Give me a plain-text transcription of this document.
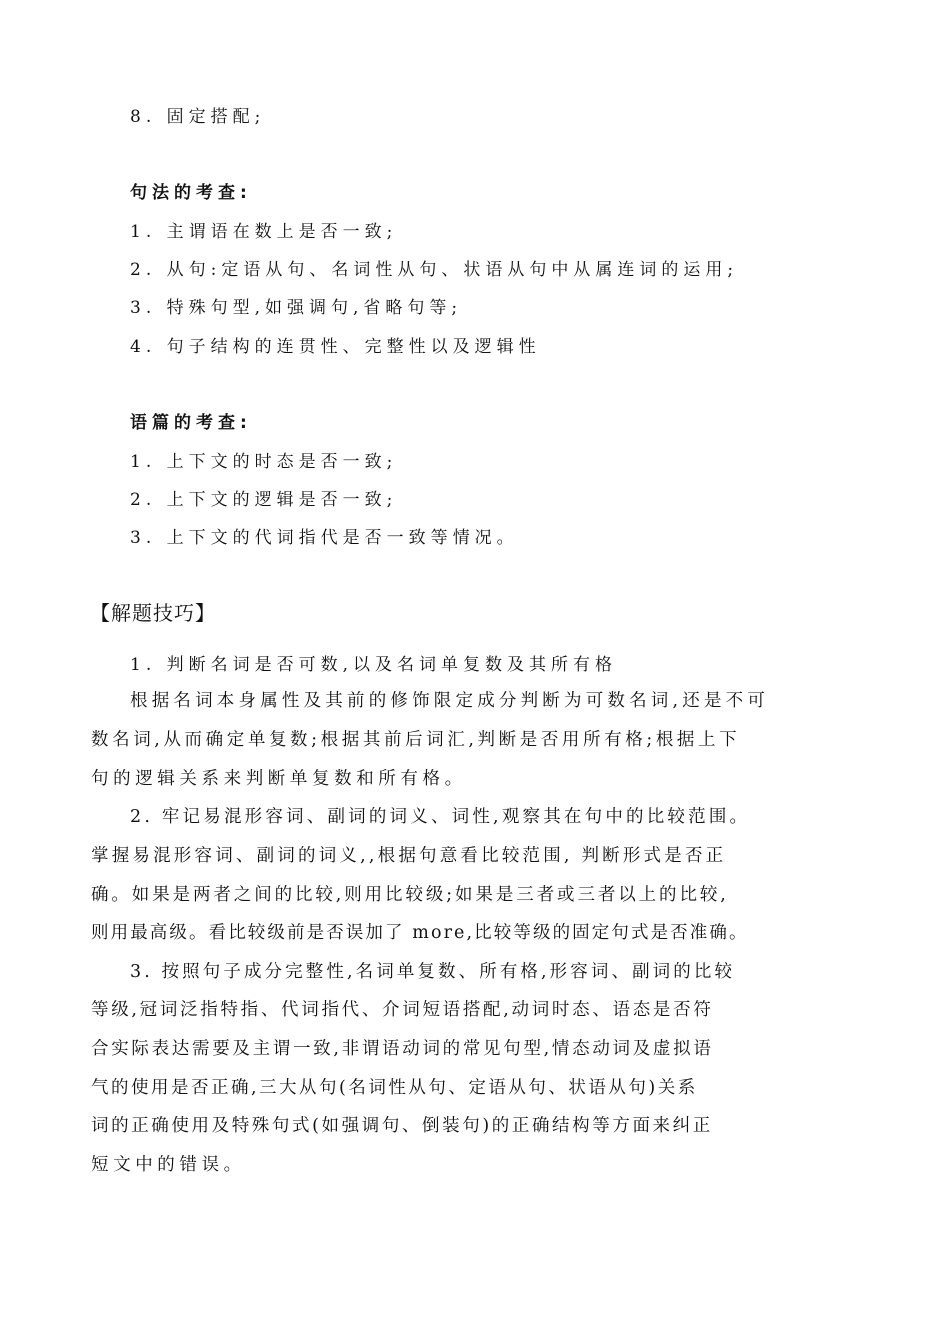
8. 固定搭配;
句法的考查:
1. 主谓语在数上是否一致;
2. 从句:定语从句、名词性从句、状语从句中从属连词的运用;
3. 特殊句型,如强调句,省略句等;
4. 句子结构的连贯性、完整性以及逻辑性
语篇的考查:
1. 上下文的时态是否一致;
2. 上下文的逻辑是否一致;
3. 上下文的代词指代是否一致等情况。
【解题技巧】
1. 判断名词是否可数,以及名词单复数及其所有格
根据名词本身属性及其前的修饰限定成分判断为可数名词,还是不可
数名词,从而确定单复数;根据其前后词汇,判断是否用所有格;根据上下
句的逻辑关系来判断单复数和所有格。
2. 牢记易混形容词、副词的词义、词性,观察其在句中的比较范围。
掌握易混形容词、副词的词义,,根据句意看比较范围, 判断形式是否正
确。如果是两者之间的比较,则用比较级;如果是三者或三者以上的比较,
则用最高级。看比较级前是否误加了 more,比较等级的固定句式是否准确。
3. 按照句子成分完整性,名词单复数、所有格,形容词、副词的比较
等级,冠词泛指特指、代词指代、介词短语搭配,动词时态、语态是否符
合实际表达需要及主谓一致,非谓语动词的常见句型,情态动词及虚拟语
气的使用是否正确,三大从句(名词性从句、定语从句、状语从句)关系
词的正确使用及特殊句式(如强调句、倒装句)的正确结构等方面来纠正
短文中的错误。
